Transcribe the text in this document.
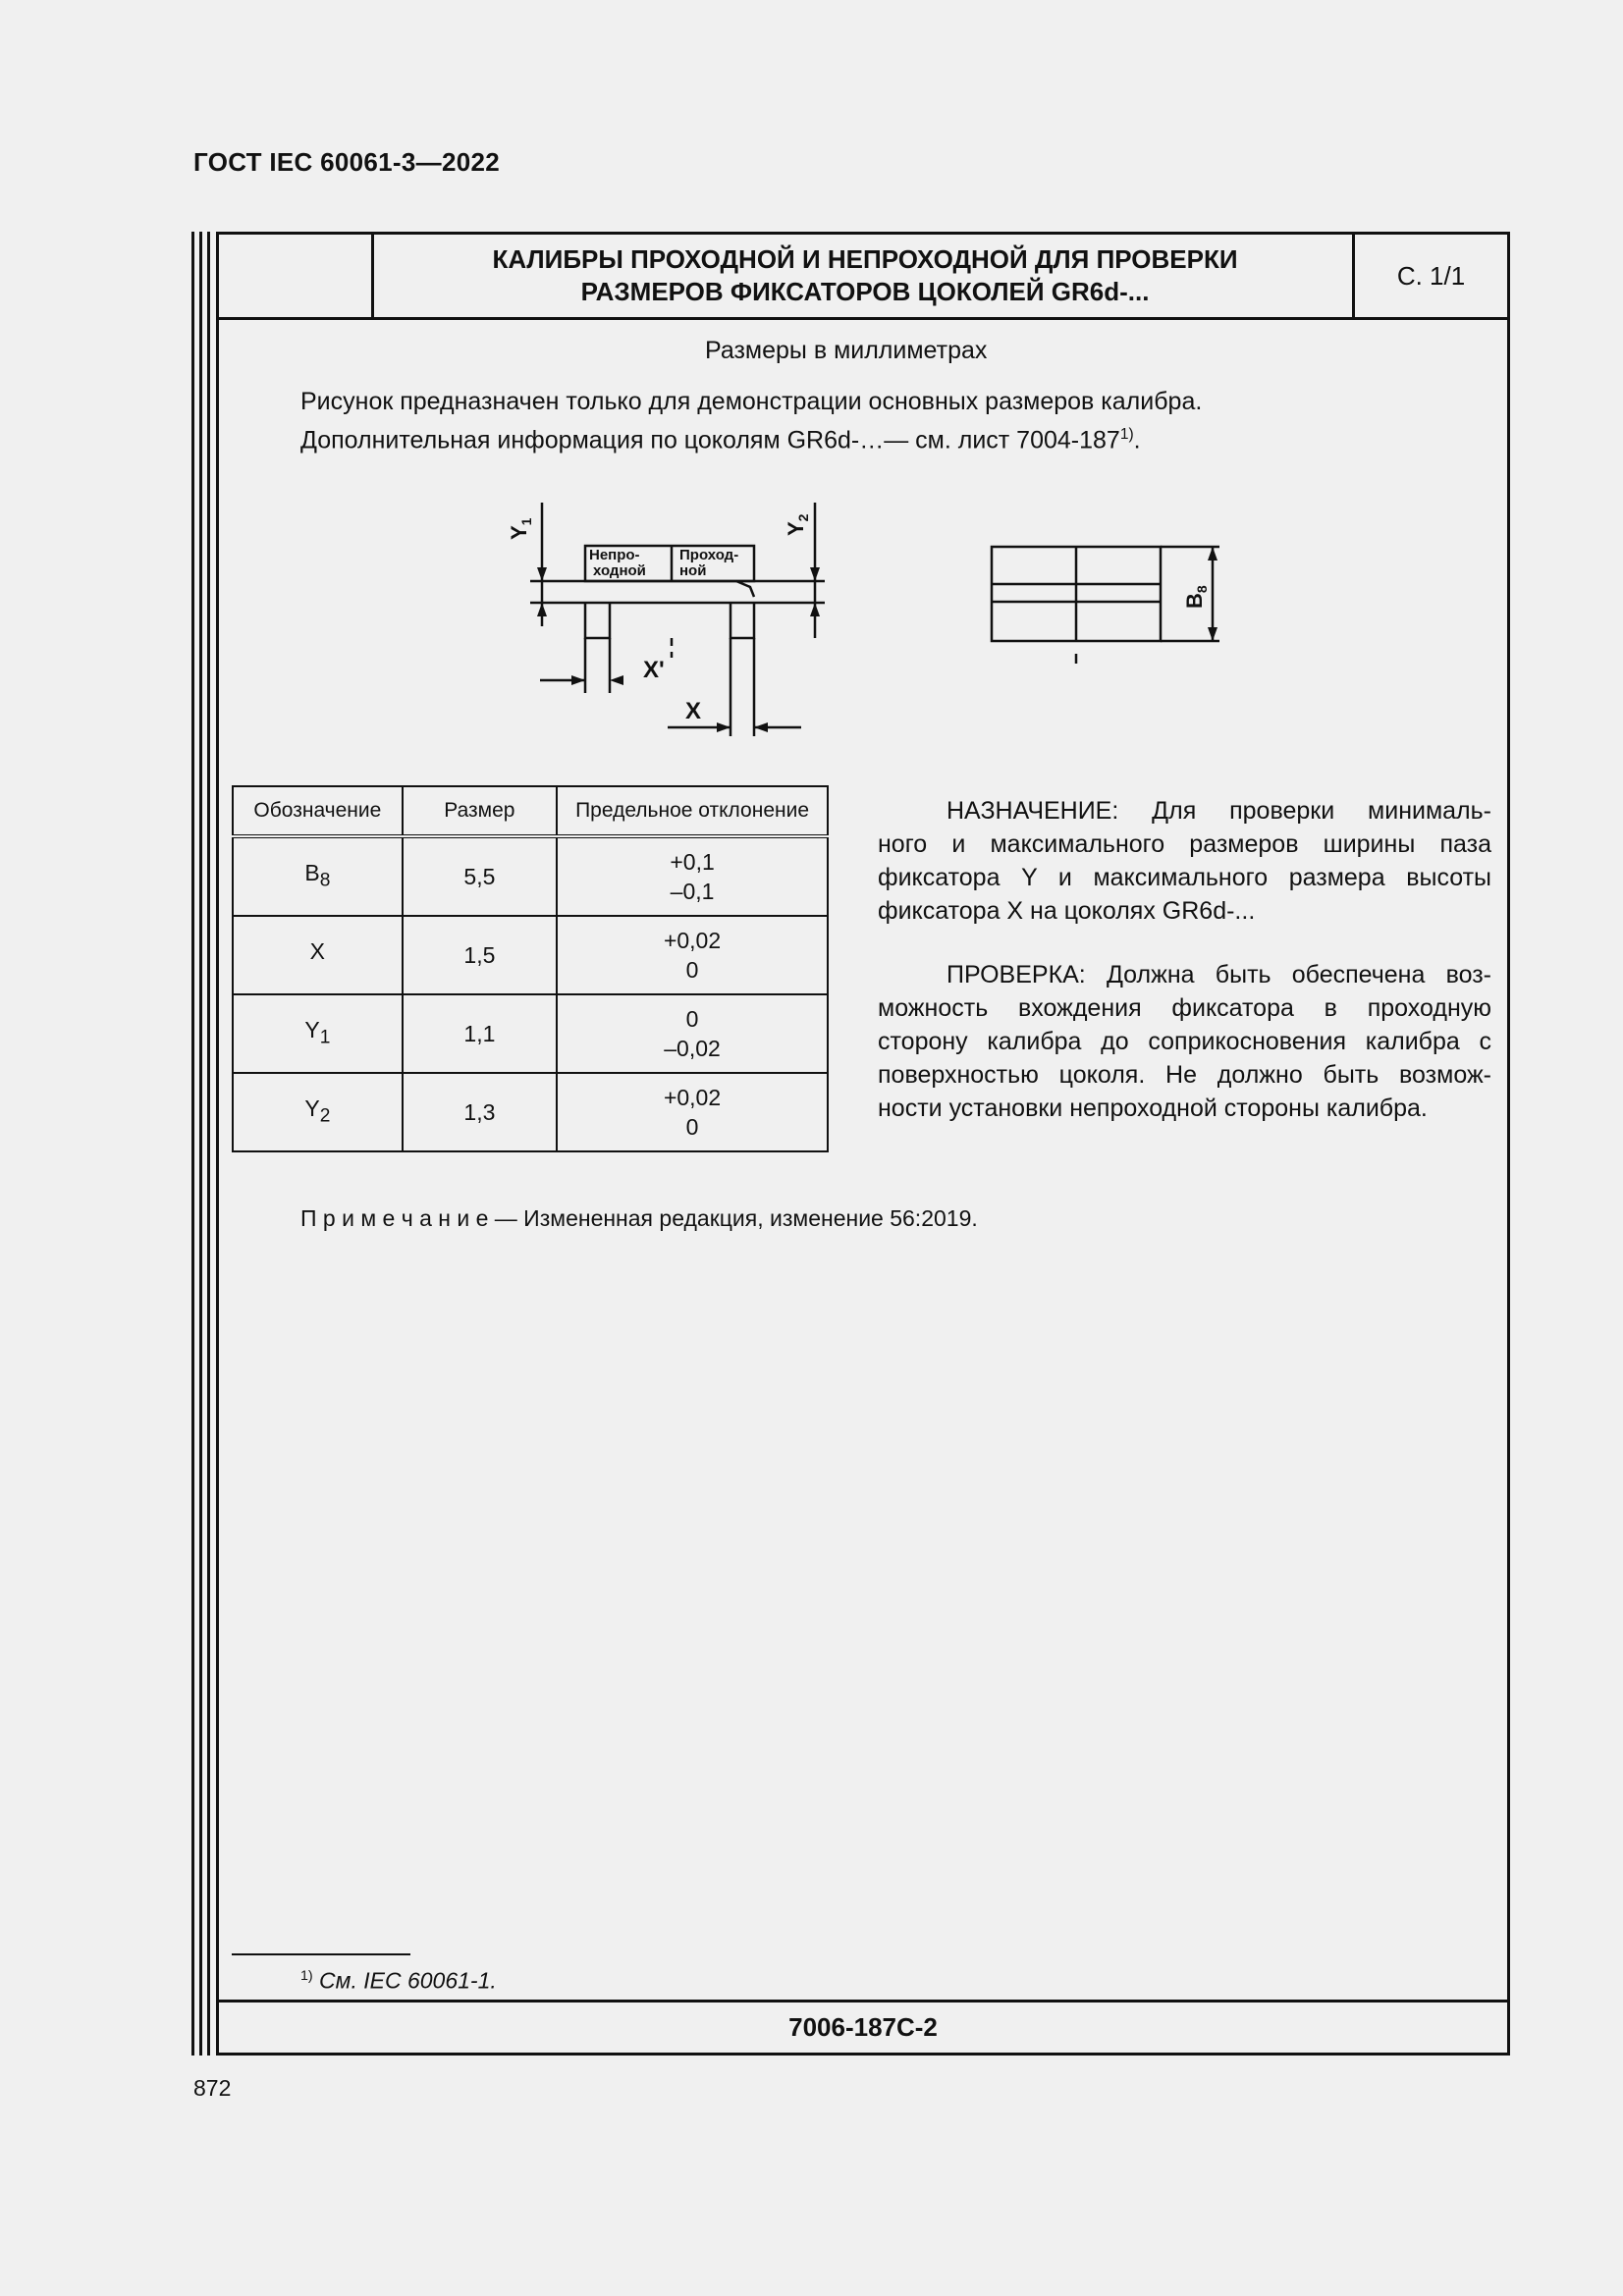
ГОСТ IEC 60061-3—2022
КАЛИБРЫ ПРОХОДНОЙ И НЕПРОХОДНОЙ ДЛЯ ПРОВЕРКИ
РАЗМЕРОВ ФИКСАТОРОВ ЦОКОЛЕЙ GR6d-...
С. 1/1
7006-187С-2
Размеры в миллиметрах
Рисунок предназначен только для демонстрации основных размеров калибра.
Дополнительная информация по цоколям GR6d-…— см. лист 7004-187$^{1)}$.
Непро-
ходной
Проход-
ной
$Y_1$	$Y_2$
X'
X
$B_8$
Обозначение	Размер	Предельное отклонение
$B_8$	5,5	+0,1
–0,1

X	1,5	+0,02
0

$Y_1$	1,1	0
–0,02

$Y_2$	1,3	+0,02
0
НАЗНАЧЕНИЕ: Для проверки минималь-
ного и максимального размеров ширины паза
фиксатора Y и максимального размера высоты
фиксатора X на цоколях GR6d-...
ПРОВЕРКА: Должна быть обеспечена воз-
можность вхождения фиксатора в проходную
сторону калибра до соприкосновения калибра с
поверхностью цоколя. Не должно быть возмож-
ности установки непроходной стороны калибра.
П р и м е ч а н и е — Измененная редакция, изменение 56:2019.
$^{1)}$ См. IEC 60061-1.
872
